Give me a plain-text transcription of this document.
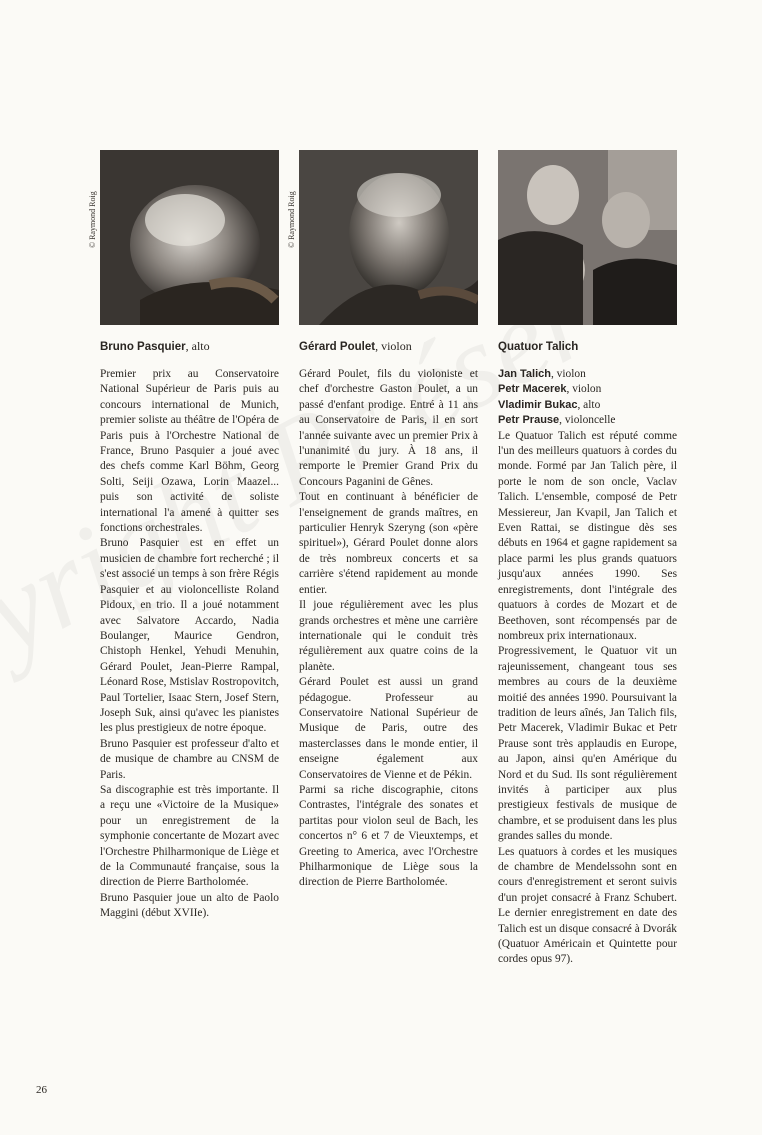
© Raymond Roig
Bruno Pasquier, alto

Premier prix au Conservatoire National Supérieur de Paris puis au concours international de Munich, premier soliste au théâtre de l'Opéra de Paris puis à l'Orchestre National de France, Bruno Pasquier a joué avec des chefs comme Karl Böhm, Georg Solti, Seiji Ozawa, Lorin Maazel... puis son activité de soliste international l'a amené à quitter ses fonctions orchestrales.

Bruno Pasquier est en effet un musicien de chambre fort recherché ; il s'est associé un temps à son frère Régis Pasquier et au violoncelliste Roland Pidoux, en trio. Il a joué notamment avec Salvatore Accardo, Nadia Boulanger, Maurice Gendron, Chistoph Henkel, Yehudi Menuhin, Gérard Poulet, Jean-Pierre Rampal, Léonard Rose, Mstislav Rostropovitch, Paul Tortelier, Isaac Stern, Josef Stern, Joseph Suk, ainsi qu'avec les pianistes les plus prestigieux de notre époque.

Bruno Pasquier est professeur d'alto et de musique de chambre au CNSM de Paris.

Sa discographie est très importante. Il a reçu une «Victoire de la Musique» pour un enregistrement de la symphonie concertante de Mozart avec l'Orchestre Philharmonique de Liège et de la Communauté française, sous la direction de Pierre Bartholomée.

Bruno Pasquier joue un alto de Paolo Maggini (début XVIIe).

© Raymond Roig
Gérard Poulet, violon

Gérard Poulet, fils du violoniste et chef d'orchestre Gaston Poulet, a un passé d'enfant prodige. Entré à 11 ans au Conservatoire de Paris, il en sort l'année suivante avec un premier Prix à l'unanimité du jury. À 18 ans, il remporte le Premier Grand Prix du Concours Paganini de Gênes.

Tout en continuant à bénéficier de l'enseignement de grands maîtres, en particulier Henryk Szeryng (son «père spirituel»), Gérard Poulet donne alors de très nombreux concerts et sa carrière s'étend rapidement au monde entier.

Il joue régulièrement avec les plus grands orchestres et mène une carrière internationale qui le conduit très régulièrement aux quatre coins de la planète.

Gérard Poulet est aussi un grand pédagogue. Professeur au Conservatoire National Supérieur de Musique de Paris, outre des masterclasses dans le monde entier, il enseigne également aux Conservatoires de Vienne et de Pékin.

Parmi sa riche discographie, citons Contrastes, l'intégrale des sonates et partitas pour violon seul de Bach, les concertos n° 6 et 7 de Vieuxtemps, et Greeting to America, avec l'Orchestre Philharmonique de Liège sous la direction de Pierre Bartholomée.

Quatuor Talich
Jan Talich, violon
Petr Macerek, violon
Vladimir Bukac, alto
Petr Prause, violoncelle

Le Quatuor Talich est réputé comme l'un des meilleurs quatuors à cordes du monde. Formé par Jan Talich père, il porte le nom de son oncle, Vaclav Talich. L'ensemble, composé de Petr Messiereur, Jan Kvapil, Jan Talich et Even Rattai, se distingue dès ses débuts en 1964 et gagne rapidement sa place parmi les plus grands quatuors jusqu'aux années 1990. Ses enregistrements, dont l'intégrale des quatuors à cordes de Mozart et de Beethoven, sont récompensés par de nombreux prix internationaux.

Progressivement, le Quatuor vit un rajeunissement, changeant tous ses membres au cours de la deuxième moitié des années 1990. Poursuivant la tradition de leurs aînés, Jan Talich fils, Petr Macerek, Vladimir Bukac et Petr Prause sont très applaudis en Europe, au Japon, ainsi qu'en Amérique du Nord et du Sud. Ils sont régulièrement invités à participer aux plus prestigieux festivals de musique de chambre, et se produisent dans les plus grandes salles du monde.

Les quatuors à cordes et les musiques de chambre de Mendelssohn sont en cours d'enregistrement et seront suivis d'un projet consacré à Franz Schubert. Le dernier enregistrement en date des Talich est un disque consacré à Dvorák (Quatuor Américain et Quintette pour cordes opus 97).

26
